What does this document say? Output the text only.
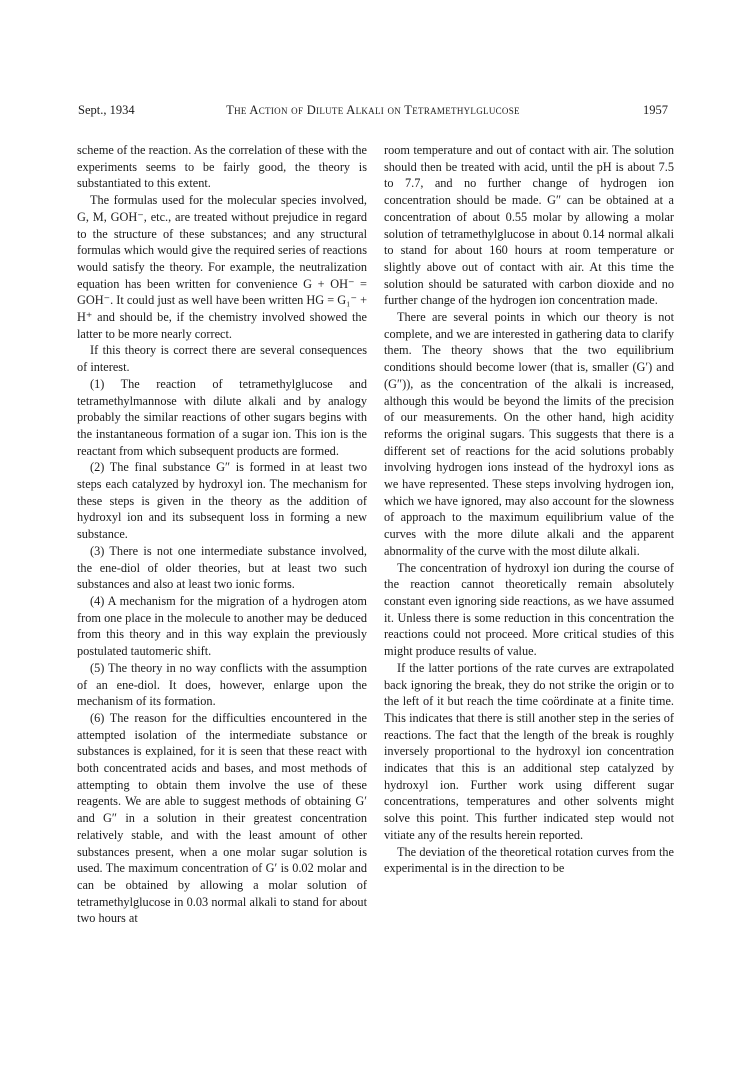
Sept., 1934	The Action of Dilute Alkali on Tetramethylglucose	1957

scheme of the reaction. As the correlation of these with the experiments seems to be fairly good, the theory is substantiated to this extent.

The formulas used for the molecular species involved, G, M, GOH⁻, etc., are treated without prejudice in regard to the structure of these substances; and any structural formulas which would give the required series of reactions would satisfy the theory. For example, the neutralization equation has been written for convenience G + OH⁻ = GOH⁻. It could just as well have been written HG = G₁⁻ + H⁺ and should be, if the chemistry involved showed the latter to be more nearly correct.

If this theory is correct there are several consequences of interest.

(1) The reaction of tetramethylglucose and tetramethylmannose with dilute alkali and by analogy probably the similar reactions of other sugars begins with the instantaneous formation of a sugar ion. This ion is the reactant from which subsequent products are formed.

(2) The final substance G″ is formed in at least two steps each catalyzed by hydroxyl ion. The mechanism for these steps is given in the theory as the addition of hydroxyl ion and its subsequent loss in forming a new substance.

(3) There is not one intermediate substance involved, the ene-diol of older theories, but at least two such substances and also at least two ionic forms.

(4) A mechanism for the migration of a hydrogen atom from one place in the molecule to another may be deduced from this theory and in this way explain the previously postulated tautomeric shift.

(5) The theory in no way conflicts with the assumption of an ene-diol. It does, however, enlarge upon the mechanism of its formation.

(6) The reason for the difficulties encountered in the attempted isolation of the intermediate substance or substances is explained, for it is seen that these react with both concentrated acids and bases, and most methods of attempting to obtain them involve the use of these reagents. We are able to suggest methods of obtaining G′ and G″ in a solution in their greatest concentration relatively stable, and with the least amount of other substances present, when a one molar sugar solution is used. The maximum concentration of G′ is 0.02 molar and can be obtained by allowing a molar solution of tetramethylglucose in 0.03 normal alkali to stand for about two hours at

room temperature and out of contact with air. The solution should then be treated with acid, until the pH is about 7.5 to 7.7, and no further change of hydrogen ion concentration should be made. G″ can be obtained at a concentration of about 0.55 molar by allowing a molar solution of tetramethylglucose in about 0.14 normal alkali to stand for about 160 hours at room temperature or slightly above out of contact with air. At this time the solution should be saturated with carbon dioxide and no further change of the hydrogen ion concentration made.

There are several points in which our theory is not complete, and we are interested in gathering data to clarify them. The theory shows that the two equilibrium conditions should become lower (that is, smaller (G′) and (G″)), as the concentration of the alkali is increased, although this would be beyond the limits of the precision of our measurements. On the other hand, high acidity reforms the original sugars. This suggests that there is a different set of reactions for the acid solutions probably involving hydrogen ions instead of the hydroxyl ions as we have represented. These steps involving hydrogen ion, which we have ignored, may also account for the slowness of approach to the maximum equilibrium value of the curves with the more dilute alkali and the apparent abnormality of the curve with the most dilute alkali.

The concentration of hydroxyl ion during the course of the reaction cannot theoretically remain absolutely constant even ignoring side reactions, as we have assumed it. Unless there is some reduction in this concentration the reactions could not proceed. More critical studies of this might produce results of value.

If the latter portions of the rate curves are extrapolated back ignoring the break, they do not strike the origin or to the left of it but reach the time coördinate at a finite time. This indicates that there is still another step in the series of reactions. The fact that the length of the break is roughly inversely proportional to the hydroxyl ion concentration indicates that this is an additional step catalyzed by hydroxyl ion. Further work using different sugar concentrations, temperatures and other solvents might solve this point. This further indicated step would not vitiate any of the results herein reported.

The deviation of the theoretical rotation curves from the experimental is in the direction to be
